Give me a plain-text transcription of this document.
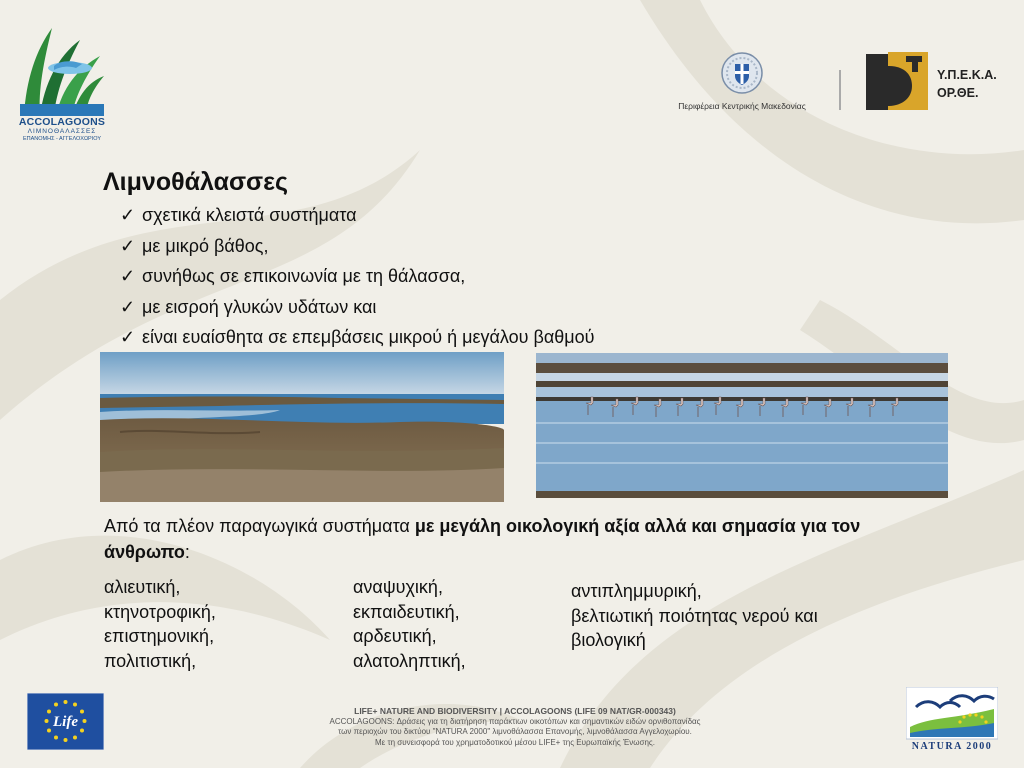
ACCOLAGOONS
ΛΙΜΝΟΘΑΛΑΣΣΕΣ
ΕΠΑΝΟΜΗΣ - ΑΓΓΕΛΟΧΩΡΙΟΥ
Περιφέρεια Κεντρικής Μακεδονίας
Υ.Π.Ε.Κ.Α.
ΟΡ.ΘΕ.
Λιμνοθάλασσες
✓ σχετικά κλειστά συστήματα
✓ με μικρό βάθος,
✓ συνήθως σε επικοινωνία με τη θάλασσα,
✓ με εισροή γλυκών υδάτων και
✓ είναι ευαίσθητα σε επεμβάσεις μικρού ή μεγάλου βαθμού
Από τα πλέον παραγωγικά συστήματα με μεγάλη οικολογική αξία αλλά και σημασία για τον άνθρωπο:
αλιευτική,
κτηνοτροφική,
επιστημονική,
πολιτιστική,
αναψυχική,
εκπαιδευτική,
αρδευτική,
αλατοληπτική,
αντιπλημμυρική,
βελτιωτική ποιότητας νερού και
βιολογική
Life
LIFE+ NATURE AND BIODIVERSITY | ACCOLAGOONS (LIFE 09 NAT/GR-000343)
ACCOLAGOONS: Δράσεις για τη διατήρηση παράκτιων οικοτόπων και σημαντικών ειδών ορνιθοπανίδας
των περιοχών του δικτύου "NATURA 2000" λιμνοθάλασσα Επανομής, λιμνοθάλασσα Αγγελοχωρίου.
Με τη συνεισφορά του χρηματοδοτικού μέσου LIFE+ της Ευρωπαϊκής Ένωσης.	NATURA 2000
